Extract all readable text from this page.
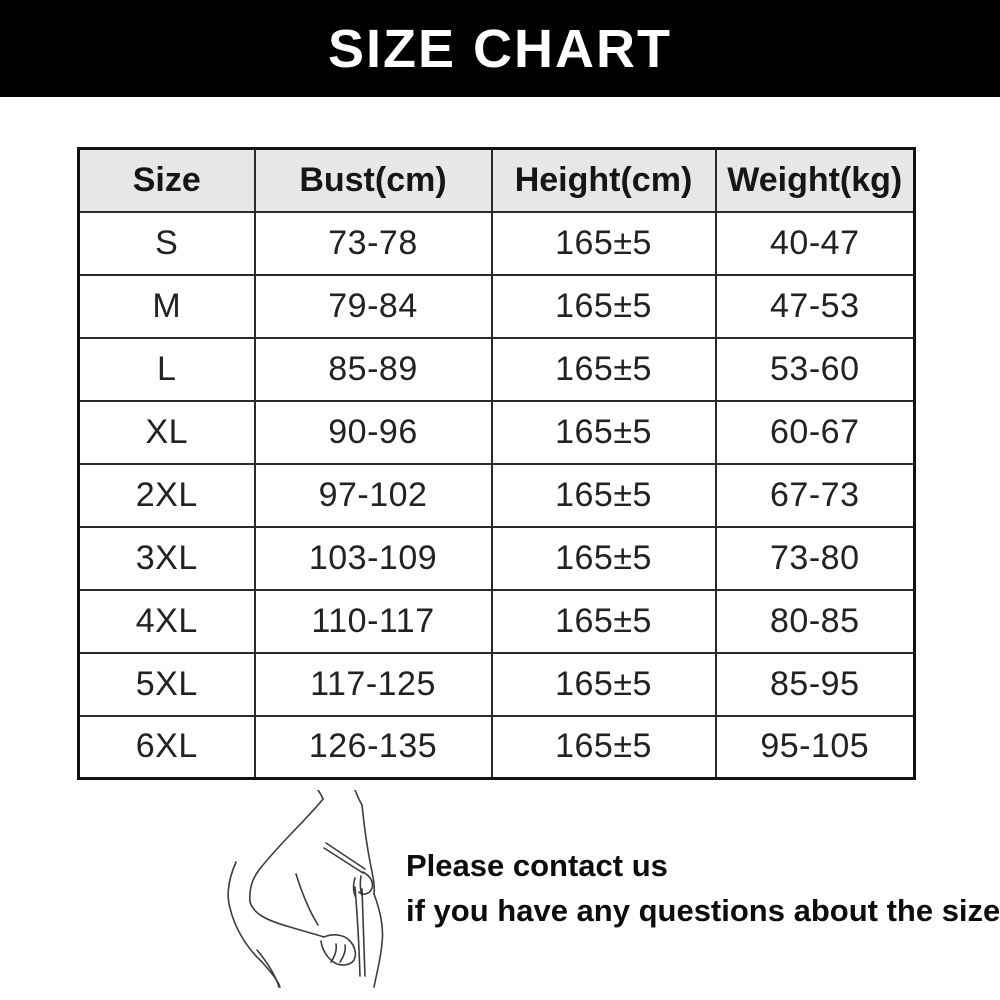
SIZE CHART
Size	Bust(cm)	Height(cm)	Weight(kg)
S	73-78	165±5	40-47
M	79-84	165±5	47-53
L	85-89	165±5	53-60
XL	90-96	165±5	60-67
2XL	97-102	165±5	67-73
3XL	103-109	165±5	73-80
4XL	110-117	165±5	80-85
5XL	117-125	165±5	85-95
6XL	126-135	165±5	95-105
Please contact us
if you have any questions about the size
